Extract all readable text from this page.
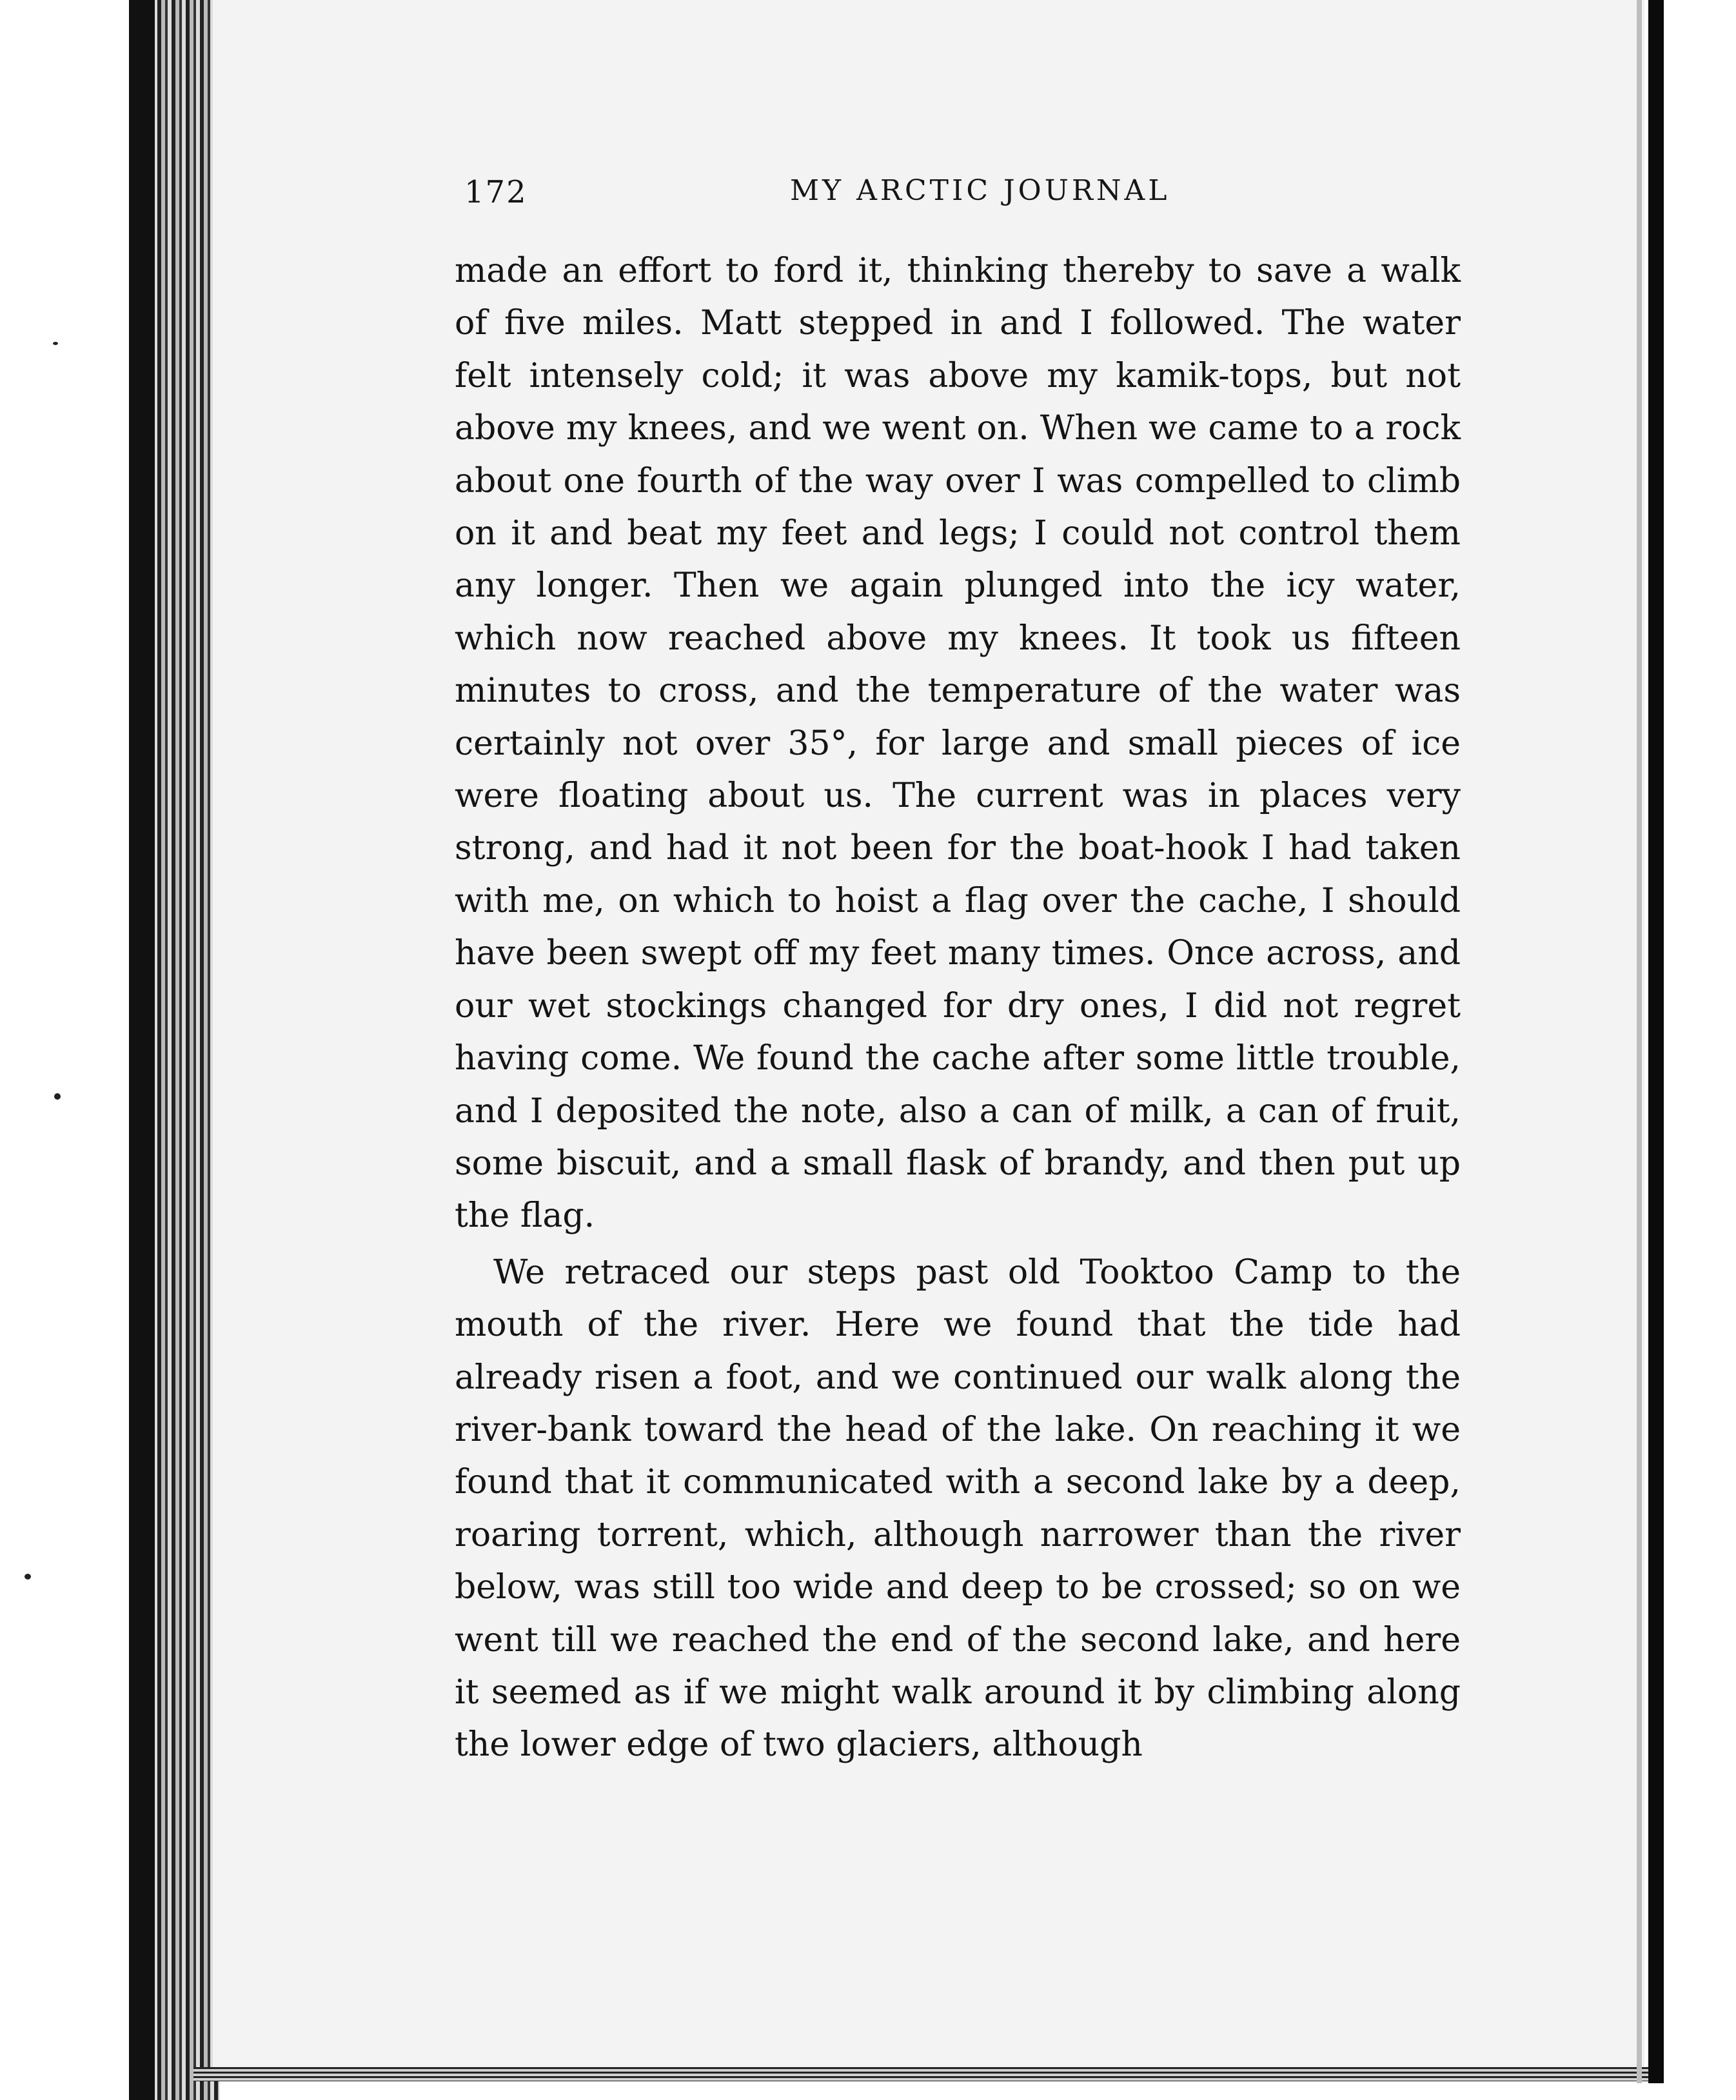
172	MY ARCTIC JOURNAL

made an effort to ford it, thinking thereby to save a walk of five miles. Matt stepped in and I followed. The water felt intensely cold; it was above my kamik-tops, but not above my knees, and we went on. When we came to a rock about one fourth of the way over I was compelled to climb on it and beat my feet and legs; I could not control them any longer. Then we again plunged into the icy water, which now reached above my knees. It took us fifteen minutes to cross, and the temperature of the water was certainly not over 35°, for large and small pieces of ice were floating about us. The current was in places very strong, and had it not been for the boat-hook I had taken with me, on which to hoist a flag over the cache, I should have been swept off my feet many times. Once across, and our wet stockings changed for dry ones, I did not regret having come. We found the cache after some little trouble, and I deposited the note, also a can of milk, a can of fruit, some biscuit, and a small flask of brandy, and then put up the flag.

We retraced our steps past old Tooktoo Camp to the mouth of the river. Here we found that the tide had already risen a foot, and we continued our walk along the river-bank toward the head of the lake. On reaching it we found that it communicated with a second lake by a deep, roaring torrent, which, although narrower than the river below, was still too wide and deep to be crossed; so on we went till we reached the end of the second lake, and here it seemed as if we might walk around it by climbing along the lower edge of two glaciers, although
